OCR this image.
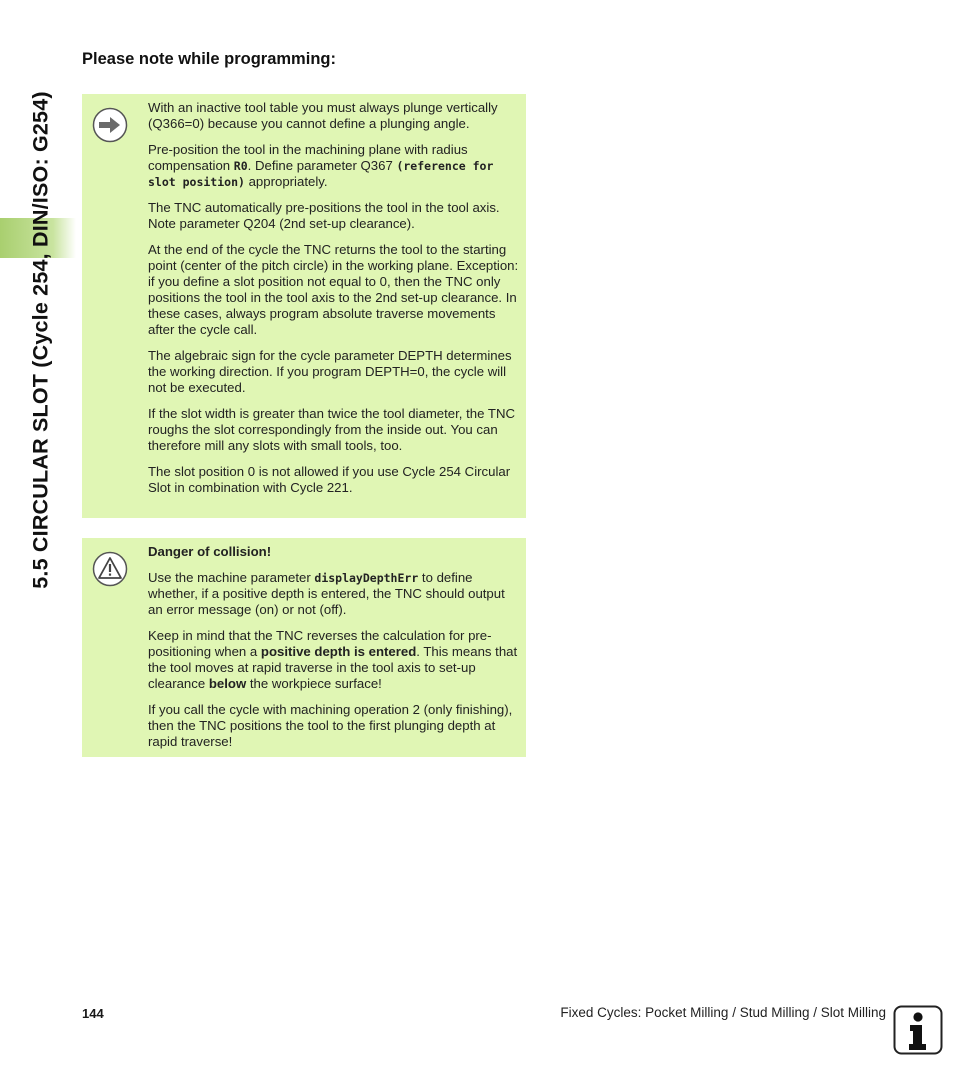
5.5 CIRCULAR SLOT (Cycle 254, DIN/ISO: G254)
Please note while programming:

With an inactive tool table you must always plunge vertically (Q366=0) because you cannot define a plunging angle.

Pre-position the tool in the machining plane with radius compensation R0. Define parameter Q367 (reference for slot position) appropriately.

The TNC automatically pre-positions the tool in the tool axis. Note parameter Q204 (2nd set-up clearance).

At the end of the cycle the TNC returns the tool to the starting point (center of the pitch circle) in the working plane. Exception: if you define a slot position not equal to 0, then the TNC only positions the tool in the tool axis to the 2nd set-up clearance. In these cases, always program absolute traverse movements after the cycle call.

The algebraic sign for the cycle parameter DEPTH determines the working direction. If you program DEPTH=0, the cycle will not be executed.

If the slot width is greater than twice the tool diameter, the TNC roughs the slot correspondingly from the inside out. You can therefore mill any slots with small tools, too.

The slot position 0 is not allowed if you use Cycle 254 Circular Slot in combination with Cycle 221.

Danger of collision!

Use the machine parameter displayDepthErr to define whether, if a positive depth is entered, the TNC should output an error message (on) or not (off).

Keep in mind that the TNC reverses the calculation for pre-positioning when a positive depth is entered. This means that the tool moves at rapid traverse in the tool axis to set-up clearance below the workpiece surface!

If you call the cycle with machining operation 2 (only finishing), then the TNC positions the tool to the first plunging depth at rapid traverse!

144	Fixed Cycles: Pocket Milling / Stud Milling / Slot Milling
